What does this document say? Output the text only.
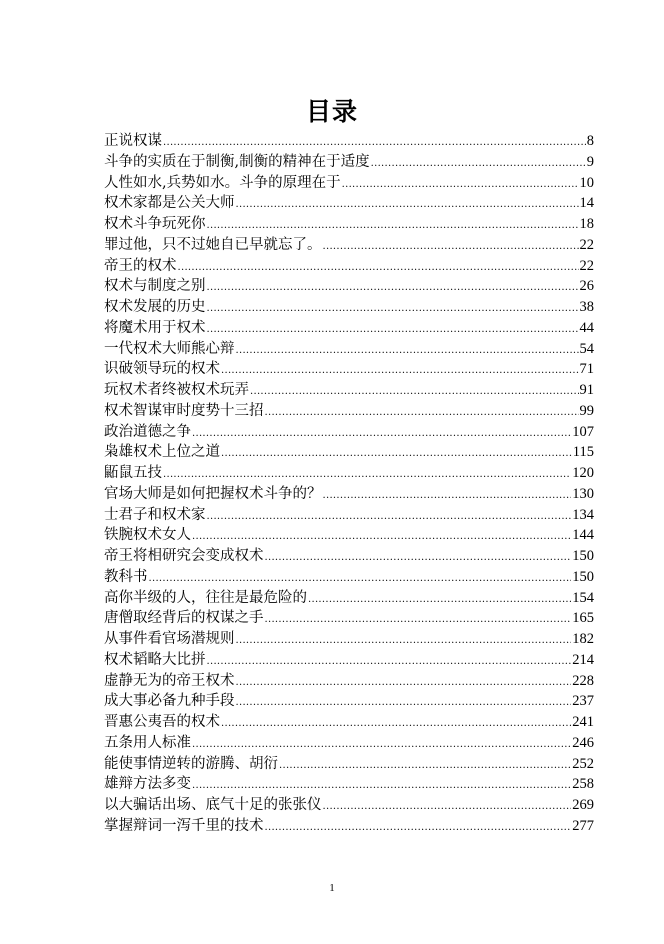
目录
正说权谋 .....	8
斗争的实质在于制衡,制衡的精神在于适度 .....	9
人性如水,兵势如水。斗争的原理在于 .....	10
权术家都是公关大师 .....	14
权术斗争玩死你 .....	18
罪过他，只不过她自已早就忘了。 .....	22
帝王的权术 .....	22
权术与制度之别 .....	26
权术发展的历史 .....	38
将魔术用于权术 .....	44
一代权术大师熊心辩 .....	54
识破领导玩的权术 .....	71
玩权术者终被权术玩弄 .....	91
权术智谋审时度势十三招 .....	99
政治道德之争 .....	107
枭雄权术上位之道 .....	115
鼫鼠五技 .....	120
官场大师是如何把握权术斗争的？ .....	130
士君子和权术家 .....	134
铁腕权术女人 .....	144
帝王将相研究会变成权术 .....	150
教科书 .....	150
高你半级的人，往往是最危险的 .....	154
唐僧取经背后的权谋之手 .....	165
从事件看官场潜规则 .....	182
权术韬略大比拼 .....	214
虚静无为的帝王权术 .....	228
成大事必备九种手段 .....	237
晋惠公夷吾的权术 .....	241
五条用人标准 .....	246
能使事情逆转的游腾、胡衍 .....	252
雄辩方法多变 .....	258
以大骗话出场、底气十足的张张仪 .....	269
掌握辩词一泻千里的技术 .....	277
1
